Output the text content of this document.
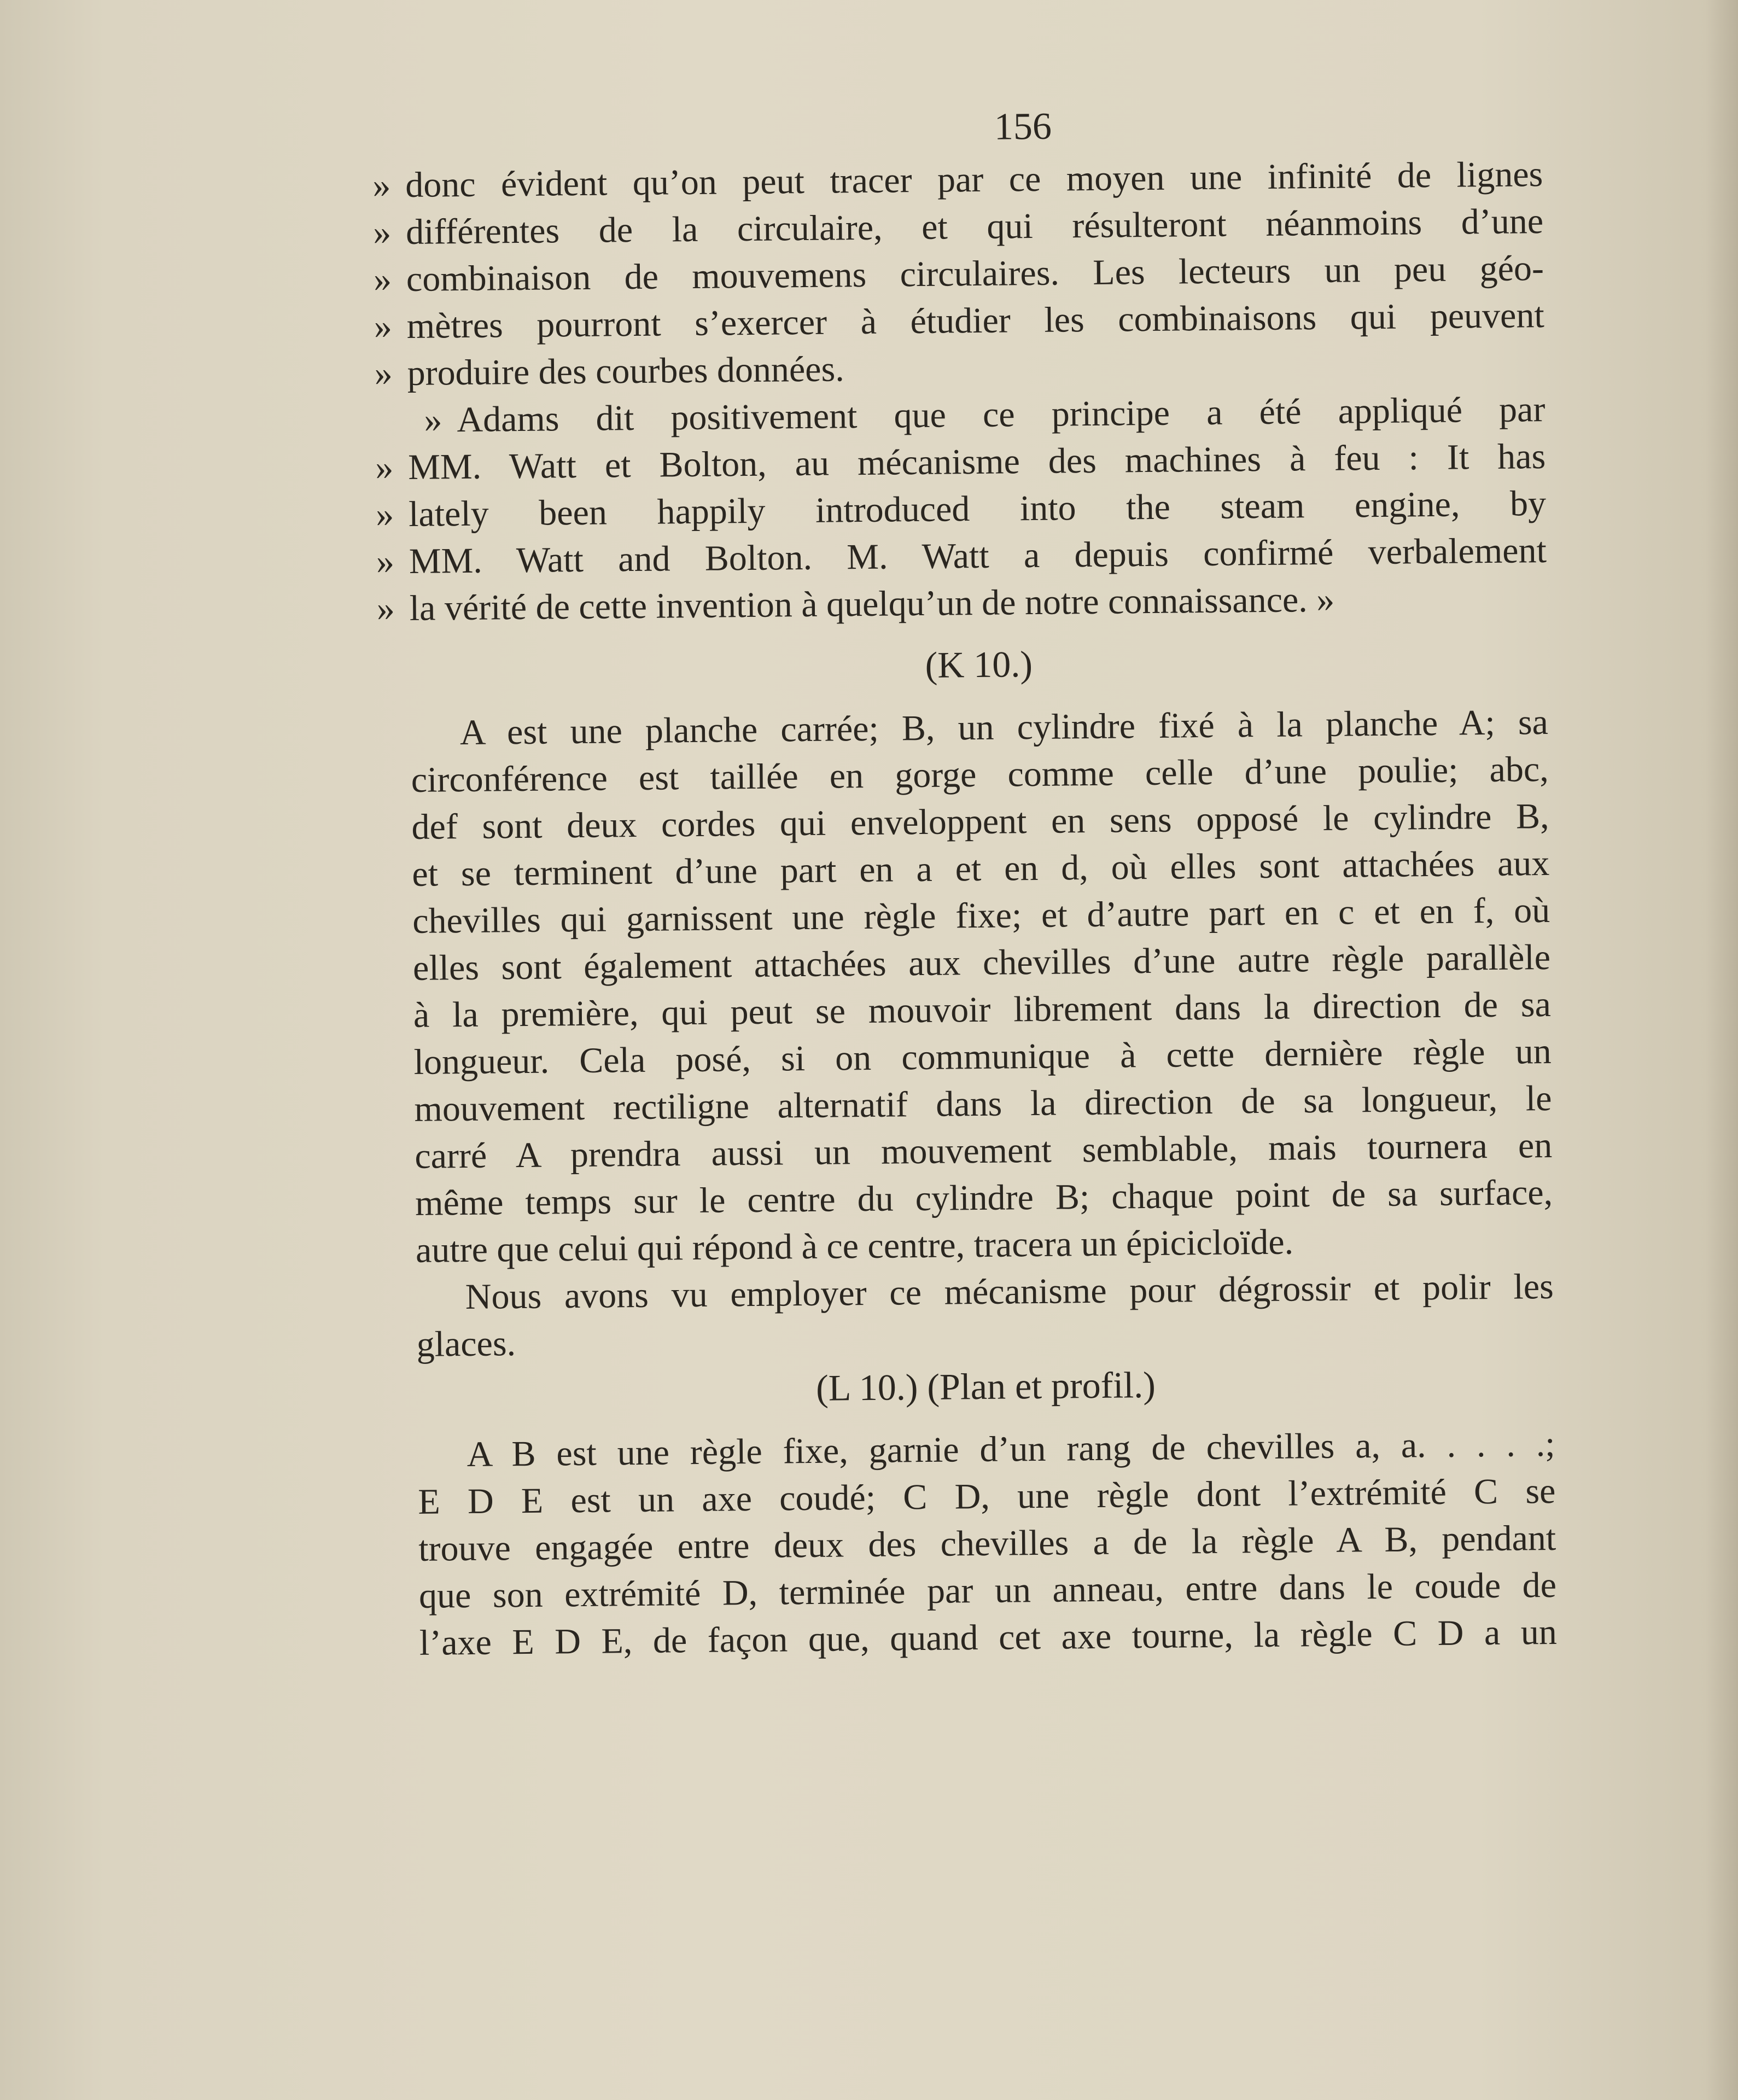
156
» donc évident qu’on peut tracer par ce moyen une infinité de lignes
» différentes de la circulaire, et qui résulteront néanmoins d’une
» combinaison de mouvemens circulaires. Les lecteurs un peu géo-
» mètres pourront s’exercer à étudier les combinaisons qui peuvent
» produire des courbes données.
» Adams dit positivement que ce principe a été appliqué par
» MM. Watt et Bolton, au mécanisme des machines à feu : It has
» lately been happily introduced into the steam engine, by
» MM. Watt and Bolton. M. Watt a depuis confirmé verbalement
» la vérité de cette invention à quelqu’un de notre connaissance. »
(K 10.)
A est une planche carrée; B, un cylindre fixé à la planche A; sa
circonférence est taillée en gorge comme celle d’une poulie; abc,
def sont deux cordes qui enveloppent en sens opposé le cylindre B,
et se terminent d’une part en a et en d, où elles sont attachées aux
chevilles qui garnissent une règle fixe; et d’autre part en c et en f, où
elles sont également attachées aux chevilles d’une autre règle parallèle
à la première, qui peut se mouvoir librement dans la direction de sa
longueur. Cela posé, si on communique à cette dernière règle un
mouvement rectiligne alternatif dans la direction de sa longueur, le
carré A prendra aussi un mouvement semblable, mais tournera en
même temps sur le centre du cylindre B; chaque point de sa surface,
autre que celui qui répond à ce centre, tracera un épicicloïde.
Nous avons vu employer ce mécanisme pour dégrossir et polir les
glaces.
(L 10.) (Plan et profil.)
A B est une règle fixe, garnie d’un rang de chevilles a, a. . . . .;
E D E est un axe coudé; C D, une règle dont l’extrémité C se
trouve engagée entre deux des chevilles a de la règle A B, pendant
que son extrémité D, terminée par un anneau, entre dans le coude de
l’axe E D E, de façon que, quand cet axe tourne, la règle C D a un
